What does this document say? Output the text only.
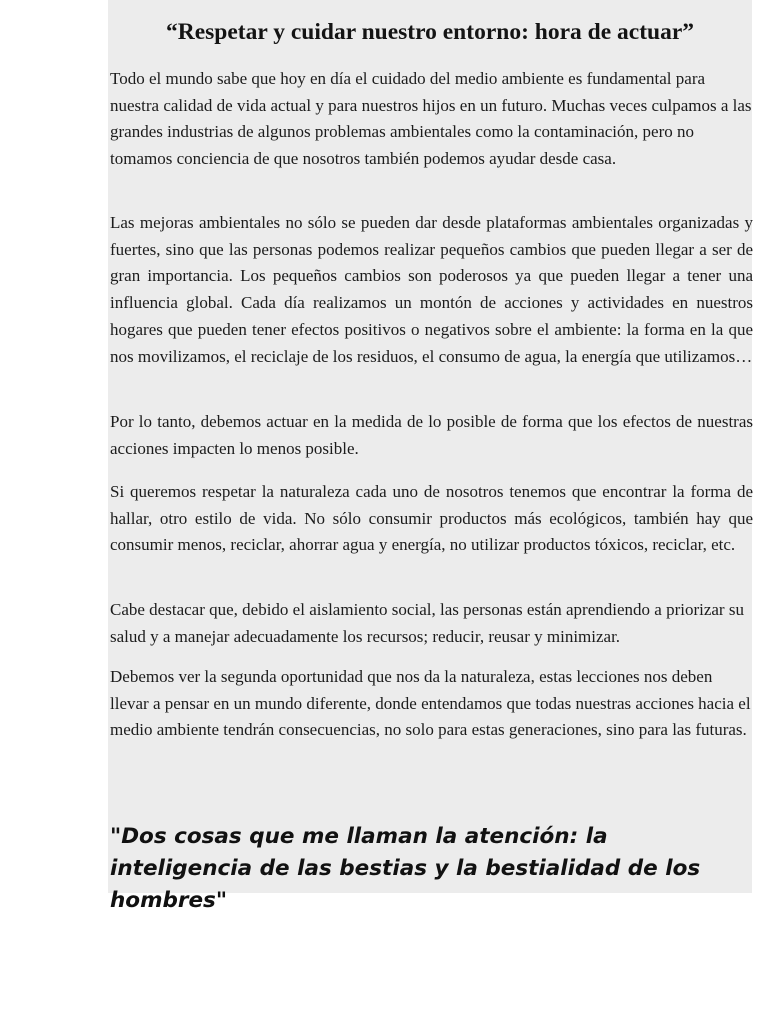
“Respetar y cuidar nuestro entorno: hora de actuar”

Todo el mundo sabe que hoy en día el cuidado del medio ambiente es fundamental para nuestra calidad de vida actual y para nuestros hijos en un futuro. Muchas veces culpamos a las grandes industrias de algunos problemas ambientales como la contaminación, pero no tomamos conciencia de que nosotros también podemos ayudar desde casa.

Las mejoras ambientales no sólo se pueden dar desde plataformas ambientales organizadas y fuertes, sino que las personas podemos realizar pequeños cambios que pueden llegar a ser de gran importancia. Los pequeños cambios son poderosos ya que pueden llegar a tener una influencia global. Cada día realizamos un montón de acciones y actividades en nuestros hogares que pueden tener efectos positivos o negativos sobre el ambiente: la forma en la que nos movilizamos, el reciclaje de los residuos, el consumo de agua, la energía que utilizamos…

Por lo tanto, debemos actuar en la medida de lo posible de forma que los efectos de nuestras acciones impacten lo menos posible.

Si queremos respetar la naturaleza cada uno de nosotros tenemos que encontrar la forma de hallar, otro estilo de vida. No sólo consumir productos más ecológicos, también hay que consumir menos, reciclar, ahorrar agua y energía, no utilizar productos tóxicos, reciclar, etc.

Cabe destacar que, debido el aislamiento social, las personas están aprendiendo a priorizar su salud y a manejar adecuadamente los recursos; reducir, reusar y minimizar.

Debemos ver la segunda oportunidad que nos da la naturaleza, estas lecciones nos deben llevar a pensar en un mundo diferente, donde entendamos que todas nuestras acciones hacia el medio ambiente tendrán consecuencias, no solo para estas generaciones, sino para las futuras.

"Dos cosas que me llaman la atención: la inteligencia de las bestias y la bestialidad de los hombres"
